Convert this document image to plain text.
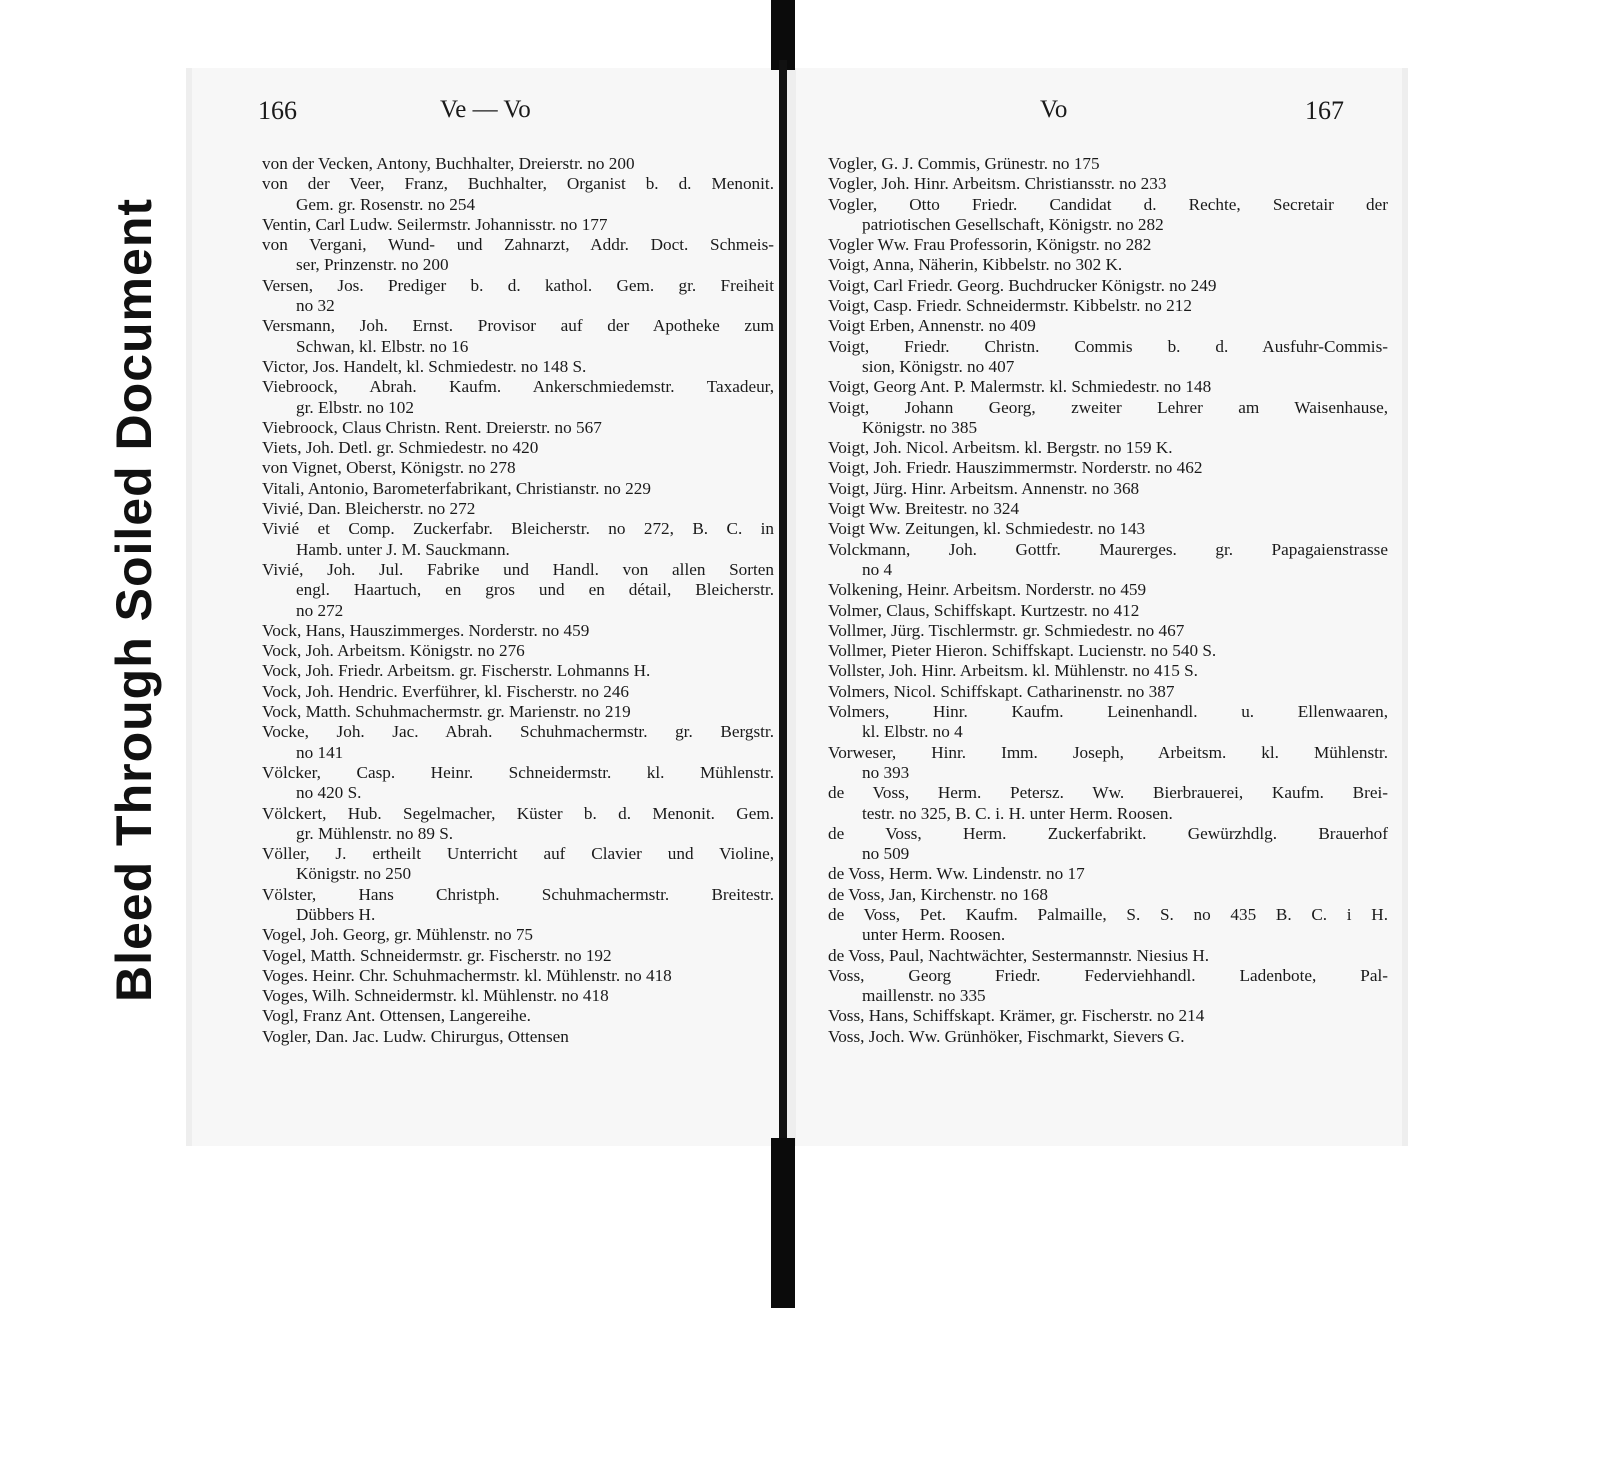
Bleed Through Soiled Document
166	Ve — Vo
von der Vecken, Antony, Buchhalter, Dreierstr. no 200
von der Veer, Franz, Buchhalter, Organist b. d. Menonit.
Gem. gr. Rosenstr. no 254
Ventin, Carl Ludw. Seilermstr. Johannisstr. no 177
von Vergani, Wund- und Zahnarzt, Addr. Doct. Schmeis-
ser, Prinzenstr. no 200
Versen, Jos. Prediger b. d. kathol. Gem. gr. Freiheit
no 32
Versmann, Joh. Ernst. Provisor auf der Apotheke zum
Schwan, kl. Elbstr. no 16
Victor, Jos. Handelt, kl. Schmiedestr. no 148 S.
Viebroock, Abrah. Kaufm. Ankerschmiedemstr. Taxadeur,
gr. Elbstr. no 102
Viebroock, Claus Christn. Rent. Dreierstr. no 567
Viets, Joh. Detl. gr. Schmiedestr. no 420
von Vignet, Oberst, Königstr. no 278
Vitali, Antonio, Barometerfabrikant, Christianstr. no 229
Vivié, Dan. Bleicherstr. no 272
Vivié et Comp. Zuckerfabr. Bleicherstr. no 272, B. C. in
Hamb. unter J. M. Sauckmann.
Vivié, Joh. Jul. Fabrike und Handl. von allen Sorten
engl. Haartuch, en gros und en détail, Bleicherstr.
no 272
Vock, Hans, Hauszimmerges. Norderstr. no 459
Vock, Joh. Arbeitsm. Königstr. no 276
Vock, Joh. Friedr. Arbeitsm. gr. Fischerstr. Lohmanns H.
Vock, Joh. Hendric. Everführer, kl. Fischerstr. no 246
Vock, Matth. Schuhmachermstr. gr. Marienstr. no 219
Vocke, Joh. Jac. Abrah. Schuhmachermstr. gr. Bergstr.
no 141
Völcker, Casp. Heinr. Schneidermstr. kl. Mühlenstr.
no 420 S.
Völckert, Hub. Segelmacher, Küster b. d. Menonit. Gem.
gr. Mühlenstr. no 89 S.
Völler, J. ertheilt Unterricht auf Clavier und Violine,
Königstr. no 250
Völster, Hans Christph. Schuhmachermstr. Breitestr.
Dübbers H.
Vogel, Joh. Georg, gr. Mühlenstr. no 75
Vogel, Matth. Schneidermstr. gr. Fischerstr. no 192
Voges. Heinr. Chr. Schuhmachermstr. kl. Mühlenstr. no 418
Voges, Wilh. Schneidermstr. kl. Mühlenstr. no 418
Vogl, Franz Ant. Ottensen, Langereihe.
Vogler, Dan. Jac. Ludw. Chirurgus, Ottensen
Vo	167
Vogler, G. J. Commis, Grünestr. no 175
Vogler, Joh. Hinr. Arbeitsm. Christiansstr. no 233
Vogler, Otto Friedr. Candidat d. Rechte, Secretair der
patriotischen Gesellschaft, Königstr. no 282
Vogler Ww. Frau Professorin, Königstr. no 282
Voigt, Anna, Näherin, Kibbelstr. no 302 K.
Voigt, Carl Friedr. Georg. Buchdrucker Königstr. no 249
Voigt, Casp. Friedr. Schneidermstr. Kibbelstr. no 212
Voigt Erben, Annenstr. no 409
Voigt, Friedr. Christn. Commis b. d. Ausfuhr-Commis-
sion, Königstr. no 407
Voigt, Georg Ant. P. Malermstr. kl. Schmiedestr. no 148
Voigt, Johann Georg, zweiter Lehrer am Waisenhause,
Königstr. no 385
Voigt, Joh. Nicol. Arbeitsm. kl. Bergstr. no 159 K.
Voigt, Joh. Friedr. Hauszimmermstr. Norderstr. no 462
Voigt, Jürg. Hinr. Arbeitsm. Annenstr. no 368
Voigt Ww. Breitestr. no 324
Voigt Ww. Zeitungen, kl. Schmiedestr. no 143
Volckmann, Joh. Gottfr. Maurerges. gr. Papagaienstrasse
no 4
Volkening, Heinr. Arbeitsm. Norderstr. no 459
Volmer, Claus, Schiffskapt. Kurtzestr. no 412
Vollmer, Jürg. Tischlermstr. gr. Schmiedestr. no 467
Vollmer, Pieter Hieron. Schiffskapt. Lucienstr. no 540 S.
Vollster, Joh. Hinr. Arbeitsm. kl. Mühlenstr. no 415 S.
Volmers, Nicol. Schiffskapt. Catharinenstr. no 387
Volmers, Hinr. Kaufm. Leinenhandl. u. Ellenwaaren,
kl. Elbstr. no 4
Vorweser, Hinr. Imm. Joseph, Arbeitsm. kl. Mühlenstr.
no 393
de Voss, Herm. Petersz. Ww. Bierbrauerei, Kaufm. Brei-
testr. no 325, B. C. i. H. unter Herm. Roosen.
de Voss, Herm. Zuckerfabrikt. Gewürzhdlg. Brauerhof
no 509
de Voss, Herm. Ww. Lindenstr. no 17
de Voss, Jan, Kirchenstr. no 168
de Voss, Pet. Kaufm. Palmaille, S. S. no 435 B. C. i H.
unter Herm. Roosen.
de Voss, Paul, Nachtwächter, Sestermannstr. Niesius H.
Voss, Georg Friedr. Federviehhandl. Ladenbote, Pal-
maillenstr. no 335
Voss, Hans, Schiffskapt. Krämer, gr. Fischerstr. no 214
Voss, Joch. Ww. Grünhöker, Fischmarkt, Sievers G.
